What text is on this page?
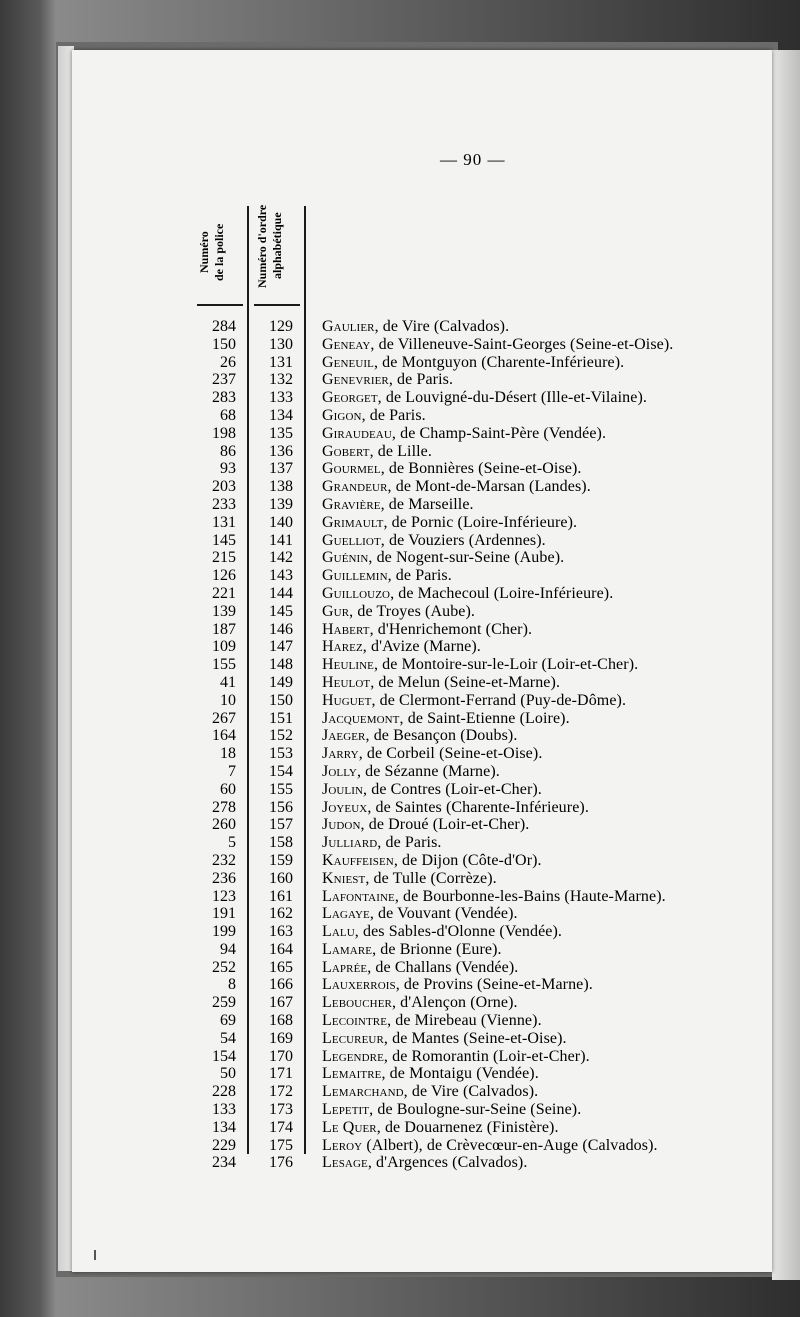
— 90 —
Numéro
de la police Numéro d'ordre
alphabétique
284 129 Gaulier, de Vire (Calvados).
150 130 Geneay, de Villeneuve-Saint-Georges (Seine-et-Oise).
26 131 Geneuil, de Montguyon (Charente-Inférieure).
237 132 Genevrier, de Paris.
283 133 Georget, de Louvigné-du-Désert (Ille-et-Vilaine).
68 134 Gigon, de Paris.
198 135 Giraudeau, de Champ-Saint-Père (Vendée).
86 136 Gobert, de Lille.
93 137 Gourmel, de Bonnières (Seine-et-Oise).
203 138 Grandeur, de Mont-de-Marsan (Landes).
233 139 Gravière, de Marseille.
131 140 Grimault, de Pornic (Loire-Inférieure).
145 141 Guelliot, de Vouziers (Ardennes).
215 142 Guénin, de Nogent-sur-Seine (Aube).
126 143 Guillemin, de Paris.
221 144 Guillouzo, de Machecoul (Loire-Inférieure).
139 145 Gur, de Troyes (Aube).
187 146 Habert, d'Henrichemont (Cher).
109 147 Harez, d'Avize (Marne).
155 148 Heuline, de Montoire-sur-le-Loir (Loir-et-Cher).
41 149 Heulot, de Melun (Seine-et-Marne).
10 150 Huguet, de Clermont-Ferrand (Puy-de-Dôme).
267 151 Jacquemont, de Saint-Etienne (Loire).
164 152 Jaeger, de Besançon (Doubs).
18 153 Jarry, de Corbeil (Seine-et-Oise).
7 154 Jolly, de Sézanne (Marne).
60 155 Joulin, de Contres (Loir-et-Cher).
278 156 Joyeux, de Saintes (Charente-Inférieure).
260 157 Judon, de Droué (Loir-et-Cher).
5 158 Julliard, de Paris.
232 159 Kauffeisen, de Dijon (Côte-d'Or).
236 160 Kniest, de Tulle (Corrèze).
123 161 Lafontaine, de Bourbonne-les-Bains (Haute-Marne).
191 162 Lagaye, de Vouvant (Vendée).
199 163 Lalu, des Sables-d'Olonne (Vendée).
94 164 Lamare, de Brionne (Eure).
252 165 Laprée, de Challans (Vendée).
8 166 Lauxerrois, de Provins (Seine-et-Marne).
259 167 Leboucher, d'Alençon (Orne).
69 168 Lecointre, de Mirebeau (Vienne).
54 169 Lecureur, de Mantes (Seine-et-Oise).
154 170 Legendre, de Romorantin (Loir-et-Cher).
50 171 Lemaitre, de Montaigu (Vendée).
228 172 Lemarchand, de Vire (Calvados).
133 173 Lepetit, de Boulogne-sur-Seine (Seine).
134 174 Le Quer, de Douarnenez (Finistère).
229 175 Leroy (Albert), de Crèvecœur-en-Auge (Calvados).
234 176 Lesage, d'Argences (Calvados).
